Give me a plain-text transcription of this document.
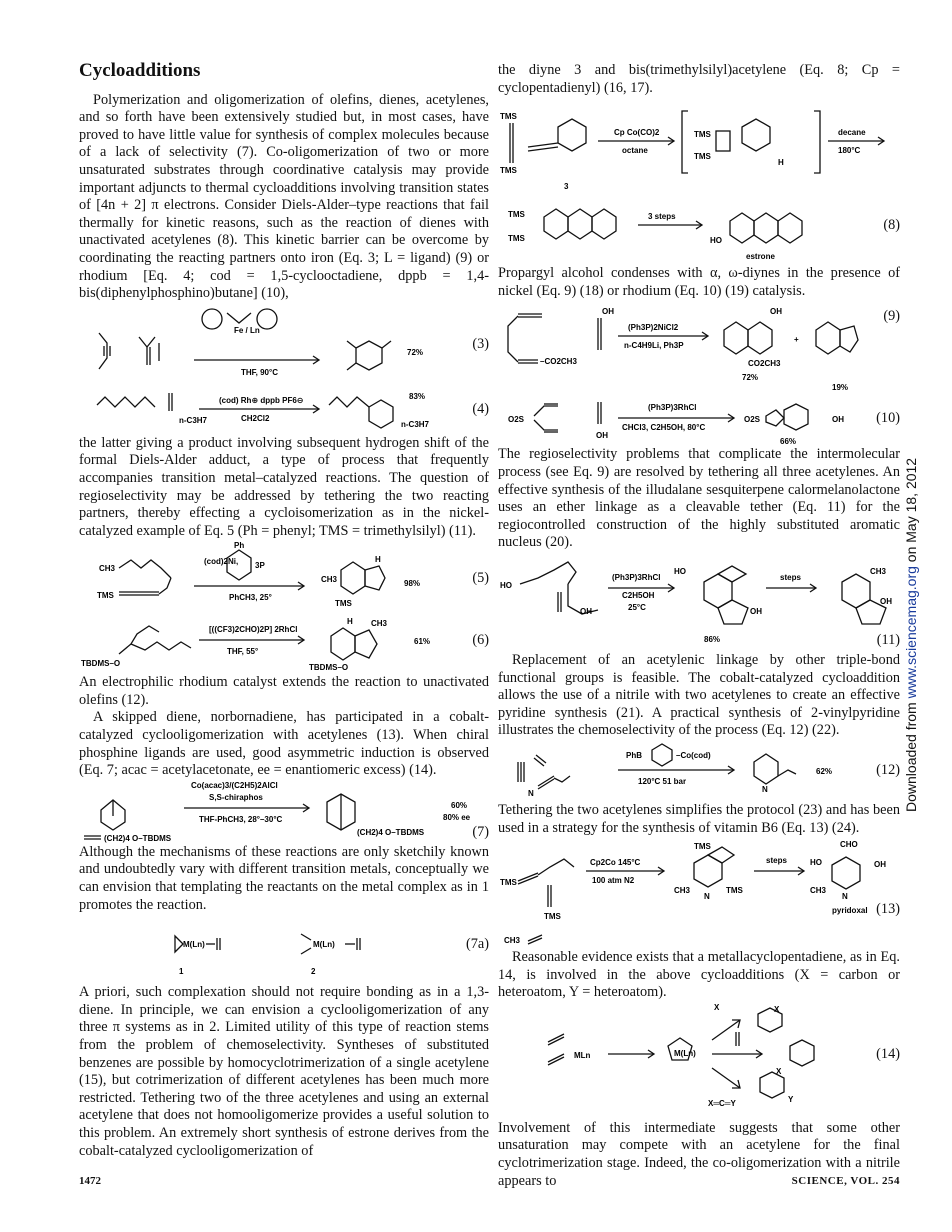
Cycloadditions

Polymerization and oligomerization of olefins, dienes, acetylenes, and so forth have been extensively studied but, in most cases, have proved to have little value for synthesis of complex molecules because of a lack of selectivity (7). Co-oligomerization of two or more unsaturated substrates through coordinative catalysis may provide important adjuncts to thermal cycloadditions involving transition states of [4n + 2] π electrons. Consider Diels-Alder–type reactions that fail thermally for kinetic reasons, such as the reaction of dienes with unactivated acetylenes (8). This kinetic barrier can be overcome by coordinating the reacting partners onto iron (Eq. 3; L = ligand) (9) or rhodium [Eq. 4; cod = 1,5-cyclooctadiene, dppb = 1,4-bis(diphenylphosphino)butane] (10),

Fe / Ln
THF, 90°C
72%
(3)
n-C3H7
(cod) Rh⊕ dppb PF6⊖
CH2Cl2
83%
n-C3H7
(4)

the latter giving a product involving subsequent hydrogen shift of the formal Diels-Alder adduct, a type of process that frequently accompanies transition metal–catalyzed reactions. The question of regioselectivity may be addressed by tethering the two reacting partners, thereby effecting a cycloisomerization as in the nickel-catalyzed example of Eq. 5 (Ph = phenyl; TMS = trimethylsilyl) (11).

CH3
TMS
(cod)2Ni,
Ph
3P
PhCH3, 25°
CH3
TMS
H
98%	(5)
TBDMS–O
[((CF3)2CHO)2P] 2RhCl
THF, 55°
TBDMS–O
CH3
H
61%	(6)

An electrophilic rhodium catalyst extends the reaction to unactivated olefins (12).

A skipped diene, norbornadiene, has participated in a cobalt-catalyzed cyclooligomerization with acetylenes (13). When chiral phosphine ligands are used, good asymmetric induction is observed (Eq. 7; acac = acetylacetonate, ee = enantiomeric excess) (14).

Co(acac)3/(C2H5)2AlCl
S,S-chiraphos
THF-PhCH3, 28°–30°C
(CH2)4 O–TBDMS
(CH2)4 O–TBDMS
60%
80% ee
(7)

Although the mechanisms of these reactions are only sketchily known and undoubtedly vary with different transition metals, conceptually we can envision that templating the reactants on the metal complex as in 1 promotes the reaction.

M(Ln)	M(Ln)
1	2
(7a)

A priori, such complexation should not require bonding as in a 1,3-diene. In principle, we can envision a cyclooligomerization of any three π systems as in 2. Limited utility of this type of reaction stems from the problem of chemoselectivity. Syntheses of substituted benzenes are possible by homocyclotrimerization of a single acetylene (15), but cotrimerization of different acetylenes has been much more restricted. Tethering two of the three acetylenes and using an external acetylene that does not homooligomerize provides a useful solution to this problem. An extremely short synthesis of estrone derives from the cobalt-catalyzed cyclooligomerization of

the diyne 3 and bis(trimethylsilyl)acetylene (Eq. 8; Cp = cyclopentadienyl) (16, 17).

TMS
TMS
3
Cp Co(CO)2
octane
TMS
TMS
H
decane
180°C
TMS
TMS
3 steps
HO
estrone
(8)

Propargyl alcohol condenses with α, ω-diynes in the presence of nickel (Eq. 9) (18) or rhodium (Eq. 10) (19) catalysis.

–CO2CH3
OH
(Ph3P)2NiCl2
n-C4H9Li, Ph3P
OH
CO2CH3
72%
+
19%
(9)
O2S
OH
(Ph3P)3RhCl
CHCl3, C2H5OH, 80°C
O2S	OH
66%
(10)

The regioselectivity problems that complicate the intermolecular process (see Eq. 9) are resolved by tethering all three acetylenes. An effective synthesis of the illudalane sesquiterpene calormelanolactone uses an ether linkage as a cleavable tether (Eq. 11) for the regiocontrolled construction of the highly substituted aromatic nucleus (20).

HO
OH
(Ph3P)3RhCl
C2H5OH
25°C
HO
OH
86%
steps
CH3
OH
(11)

Replacement of an acetylenic linkage by other triple-bond functional groups is feasible. The cobalt-catalyzed cycloaddition allows the use of a nitrile with two acetylenes to create an effective pyridine synthesis (21). A practical synthesis of 2-vinylpyridine illustrates the chemoselectivity of the process (Eq. 12) (22).

PhB	–Co(cod)
120°C 51 bar
N	N
62%	(12)

Tethering the two acetylenes simplifies the protocol (23) and has been used in a strategy for the synthesis of vitamin B6 (Eq. 13) (24).

TMS
TMS
CH3
Cp2Co 145°C
100 atm N2
TMS
CH3
N
TMS
steps
CHO
HO	OH
CH3
N
pyridoxal (13)

Reasonable evidence exists that a metallacyclopentadiene, as in Eq. 14, is involved in the above cycloadditions (X = carbon or heteroatom, Y = heteroatom).

MLn	M(Ln)
X	X
X
Y
X═C═Y
(14)

Involvement of this intermediate suggests that some other unsaturation may compete with an acetylene for the final cyclotrimerization stage. Indeed, the co-oligomerization with a nitrile appears to

1472	SCIENCE, VOL. 254
Downloaded from www.sciencemag.org on May 18, 2012
